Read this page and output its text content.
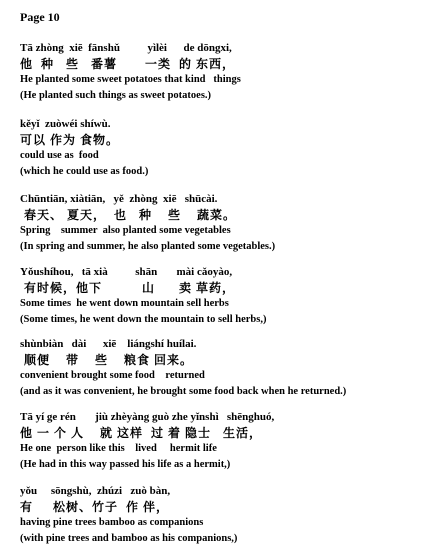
Page 10
Tā zhòng  xiē  fānshǔ          yìlèi      de dōngxi,
他  种   些   番薯       一类  的 东西，
He planted some sweet potatoes that kind   things
(He planted such things as sweet potatoes.)
kěyǐ  zuòwéi shíwù.
可以 作为 食物。
could use as  food
(which he could use as food.)
Chūntiān, xiàtiān,   yě  zhòng  xiē   shūcài.
春天、 夏天，  也   种    些    蔬菜。
Spring    summer  also planted some vegetables
(In spring and summer, he also planted some vegetables.)
Yǒushíhou,   tā xià          shān       mài cǎoyào,
有时候，他下          山      卖 草药，
Some times  he went down mountain sell herbs
(Some times, he went down the mountain to sell herbs,)
shùnbiàn   dài      xiē    liángshí huílai.
顺便    带    些    粮食 回来。
convenient brought some food    returned
(and as it was convenient, he brought some food back when he returned.)
Tā yí ge rén       jiù zhèyàng guò zhe yǐnshì   shēnghuó,
他 一 个 人    就 这样  过 着 隐士   生活，
He one  person like this    lived     hermit life
(He had in this way passed his life as a hermit,)
yǒu     sōngshù,  zhúzi   zuò bàn,
有     松树、竹子  作 伴，
having pine trees bamboo as companions
(with pine trees and bamboo as his companions,)
